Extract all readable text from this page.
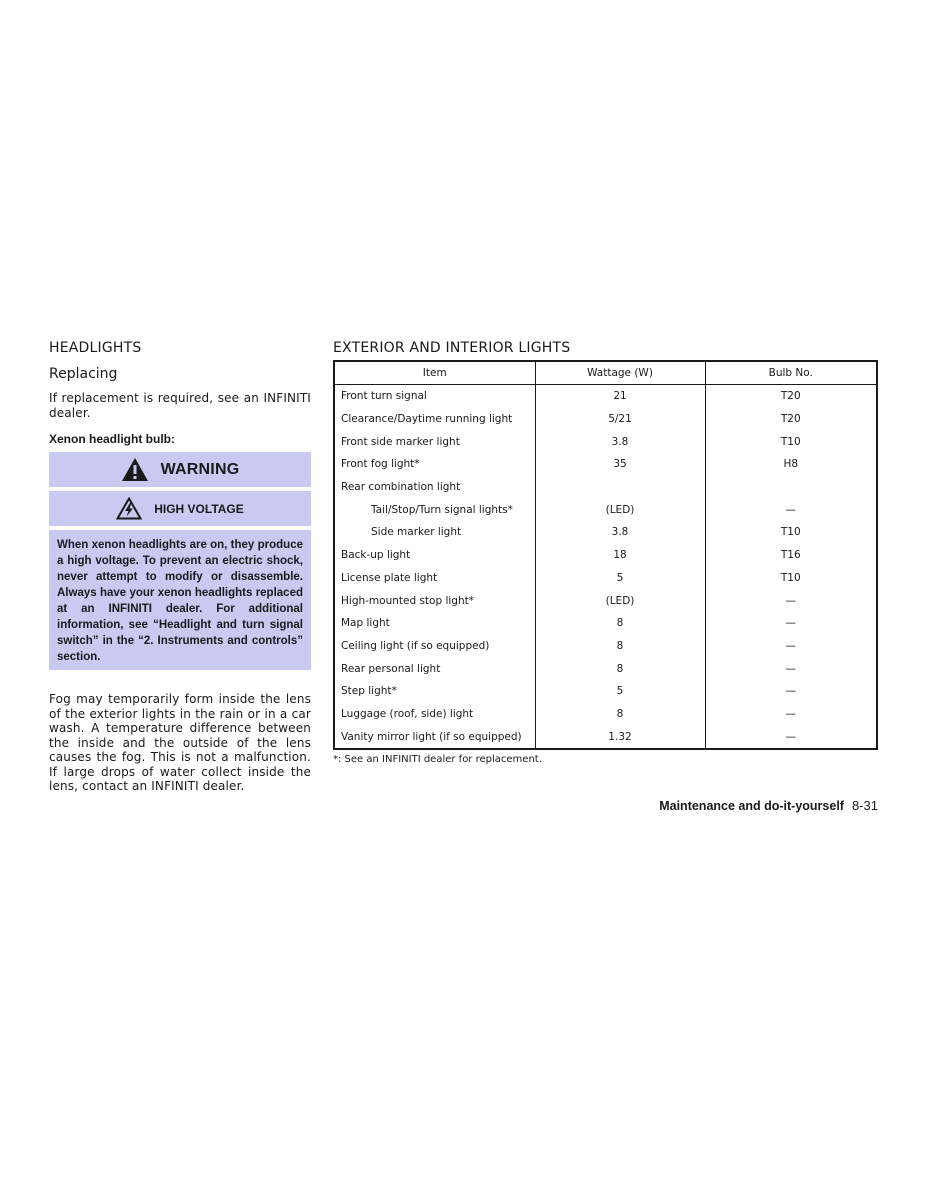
HEADLIGHTS
Replacing

If replacement is required, see an INFINITI dealer.

Xenon headlight bulb:

WARNING
HIGH VOLTAGE
When xenon headlights are on, they produce a high voltage. To prevent an electric shock, never attempt to modify or disassemble. Always have your xenon headlights replaced at an INFINITI dealer. For additional information, see “Headlight and turn signal switch” in the “2. Instruments and controls” section.

Fog may temporarily form inside the lens of the exterior lights in the rain or in a car wash. A temperature difference between the inside and the outside of the lens causes the fog. This is not a malfunction. If large drops of water collect inside the lens, contact an INFINITI dealer.

EXTERIOR AND INTERIOR LIGHTS
Item	Wattage (W)	Bulb No.
Front turn signal	21	T20
Clearance/Daytime running light	5/21	T20
Front side marker light	3.8	T10
Front fog light*	35	H8
Rear combination light		
Tail/Stop/Turn signal lights*	(LED)	—
Side marker light	3.8	T10
Back-up light	18	T16
License plate light	5	T10
High-mounted stop light*	(LED)	—
Map light	8	—
Ceiling light (if so equipped)	8	—
Rear personal light	8	—
Step light*	5	—
Luggage (roof, side) light	8	—
Vanity mirror light (if so equipped)	1.32	—
*: See an INFINITI dealer for replacement.
Maintenance and do-it-yourself 8-31
